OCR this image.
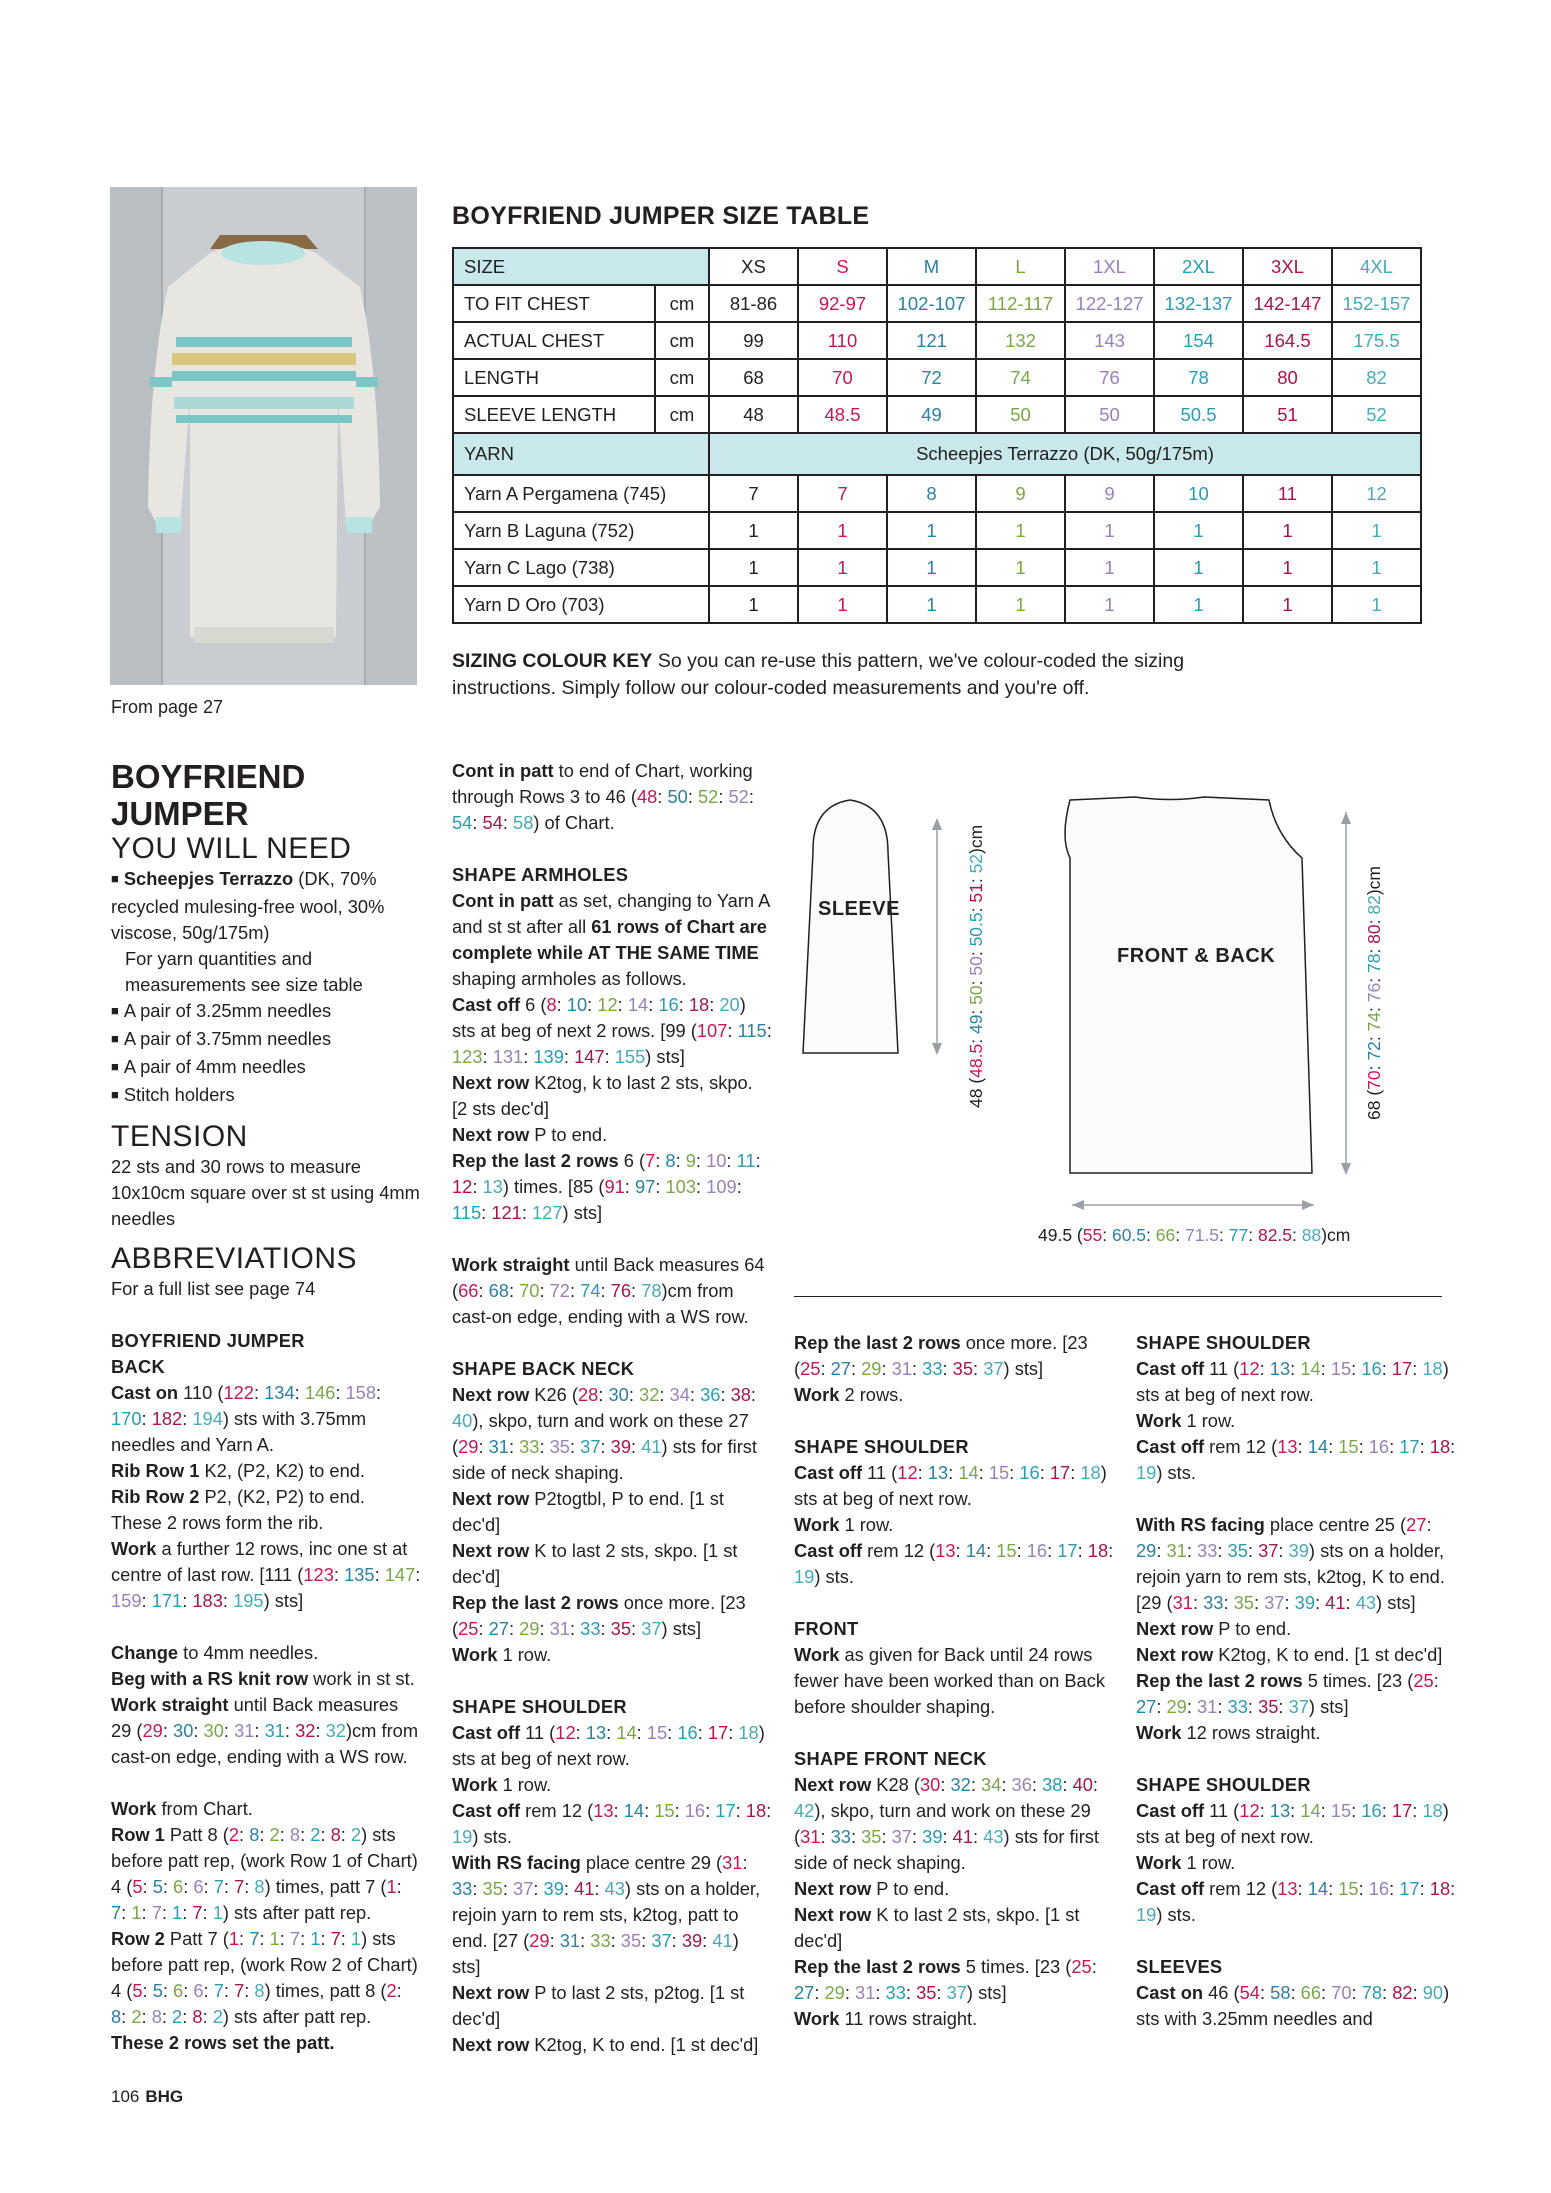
From page 27
BOYFRIEND JUMPER SIZE TABLE
SIZE		XS	S	M	L	1XL	2XL	3XL	4XL
TO FIT CHEST	cm	81-86	92-97	102-107	112-117	122-127	132-137	142-147	152-157
ACTUAL CHEST	cm	99	110	121	132	143	154	164.5	175.5
LENGTH	cm	68	70	72	74	76	78	80	82
SLEEVE LENGTH	cm	48	48.5	49	50	50	50.5	51	52
YARN		Scheepjes Terrazzo (DK, 50g/175m)							
Yarn A Pergamena (745)		7	7	8	9	9	10	11	12
Yarn B Laguna (752)		1	1	1	1	1	1	1	1
Yarn C Lago (738)		1	1	1	1	1	1	1	1
Yarn D Oro (703)		1	1	1	1	1	1	1	1
SIZING COLOUR KEY So you can re-use this pattern, we've colour-coded the sizing instructions. Simply follow our colour-coded measurements and you're off.
BOYFRIEND
JUMPER
YOU WILL NEED

■ Scheepjes Terrazzo (DK, 70% recycled mulesing-free wool, 30% viscose, 50g/175m)

For yarn quantities and measurements see size table

■ A pair of 3.25mm needles

■ A pair of 3.75mm needles

■ A pair of 4mm needles

■ Stitch holders

TENSION

22 sts and 30 rows to measure 10x10cm square over st st using 4mm needles

ABBREVIATIONS

For a full list see page 74

BOYFRIEND JUMPER

BACK

Cast on 110 (122: 134: 146: 158: 170: 182: 194) sts with 3.75mm needles and Yarn A.

Rib Row 1 K2, (P2, K2) to end.

Rib Row 2 P2, (K2, P2) to end.

These 2 rows form the rib.

Work a further 12 rows, inc one st at centre of last row. [111 (123: 135: 147: 159: 171: 183: 195) sts]

Change to 4mm needles.

Beg with a RS knit row work in st st.

Work straight until Back measures 29 (29: 30: 30: 31: 31: 32: 32)cm from cast-on edge, ending with a WS row.

Work from Chart.

Row 1 Patt 8 (2: 8: 2: 8: 2: 8: 2) sts before patt rep, (work Row 1 of Chart) 4 (5: 5: 6: 6: 7: 7: 8) times, patt 7 (1: 7: 1: 7: 1: 7: 1) sts after patt rep.

Row 2 Patt 7 (1: 7: 1: 7: 1: 7: 1) sts before patt rep, (work Row 2 of Chart) 4 (5: 5: 6: 6: 7: 7: 8) times, patt 8 (2: 8: 2: 8: 2: 8: 2) sts after patt rep.

These 2 rows set the patt.

Cont in patt to end of Chart, working through Rows 3 to 46 (48: 50: 52: 52: 54: 54: 58) of Chart.

SHAPE ARMHOLES

Cont in patt as set, changing to Yarn A and st st after all 61 rows of Chart are complete while AT THE SAME TIME shaping armholes as follows.

Cast off 6 (8: 10: 12: 14: 16: 18: 20) sts at beg of next 2 rows. [99 (107: 115: 123: 131: 139: 147: 155) sts]

Next row K2tog, k to last 2 sts, skpo. [2 sts dec'd]

Next row P to end.

Rep the last 2 rows 6 (7: 8: 9: 10: 11: 12: 13) times. [85 (91: 97: 103: 109: 115: 121: 127) sts]

Work straight until Back measures 64 (66: 68: 70: 72: 74: 76: 78)cm from cast-on edge, ending with a WS row.

SHAPE BACK NECK

Next row K26 (28: 30: 32: 34: 36: 38: 40), skpo, turn and work on these 27 (29: 31: 33: 35: 37: 39: 41) sts for first side of neck shaping.

Next row P2togtbl, P to end. [1 st dec'd]

Next row K to last 2 sts, skpo. [1 st dec'd]

Rep the last 2 rows once more. [23 (25: 27: 29: 31: 33: 35: 37) sts]

Work 1 row.

SHAPE SHOULDER

Cast off 11 (12: 13: 14: 15: 16: 17: 18) sts at beg of next row.

Work 1 row.

Cast off rem 12 (13: 14: 15: 16: 17: 18: 19) sts.

With RS facing place centre 29 (31: 33: 35: 37: 39: 41: 43) sts on a holder, rejoin yarn to rem sts, k2tog, patt to end. [27 (29: 31: 33: 35: 37: 39: 41) sts]

Next row P to last 2 sts, p2tog. [1 st dec'd]

Next row K2tog, K to end. [1 st dec'd]

Rep the last 2 rows once more. [23 (25: 27: 29: 31: 33: 35: 37) sts]

Work 2 rows.

SHAPE SHOULDER

Cast off 11 (12: 13: 14: 15: 16: 17: 18) sts at beg of next row.

Work 1 row.

Cast off rem 12 (13: 14: 15: 16: 17: 18: 19) sts.

FRONT

Work as given for Back until 24 rows fewer have been worked than on Back before shoulder shaping.

SHAPE FRONT NECK

Next row K28 (30: 32: 34: 36: 38: 40: 42), skpo, turn and work on these 29 (31: 33: 35: 37: 39: 41: 43) sts for first side of neck shaping.

Next row P to end.

Next row K to last 2 sts, skpo. [1 st dec'd]

Rep the last 2 rows 5 times. [23 (25: 27: 29: 31: 33: 35: 37) sts]

Work 11 rows straight.

SHAPE SHOULDER

Cast off 11 (12: 13: 14: 15: 16: 17: 18) sts at beg of next row.

Work 1 row.

Cast off rem 12 (13: 14: 15: 16: 17: 18: 19) sts.

With RS facing place centre 25 (27: 29: 31: 33: 35: 37: 39) sts on a holder, rejoin yarn to rem sts, k2tog, K to end. [29 (31: 33: 35: 37: 39: 41: 43) sts]

Next row P to end.

Next row K2tog, K to end. [1 st dec'd]

Rep the last 2 rows 5 times. [23 (25: 27: 29: 31: 33: 35: 37) sts]

Work 12 rows straight.

SHAPE SHOULDER

Cast off 11 (12: 13: 14: 15: 16: 17: 18) sts at beg of next row.

Work 1 row.

Cast off rem 12 (13: 14: 15: 16: 17: 18: 19) sts.

SLEEVES

Cast on 46 (54: 58: 66: 70: 78: 82: 90) sts with 3.25mm needles and

SLEEVE
FRONT & BACK
48 (48.5: 49: 50: 50: 50.5: 51: 52)cm
68 (70: 72: 74: 76: 78: 80: 82)cm
49.5 (55: 60.5: 66: 71.5: 77: 82.5: 88)cm
106 BHG
